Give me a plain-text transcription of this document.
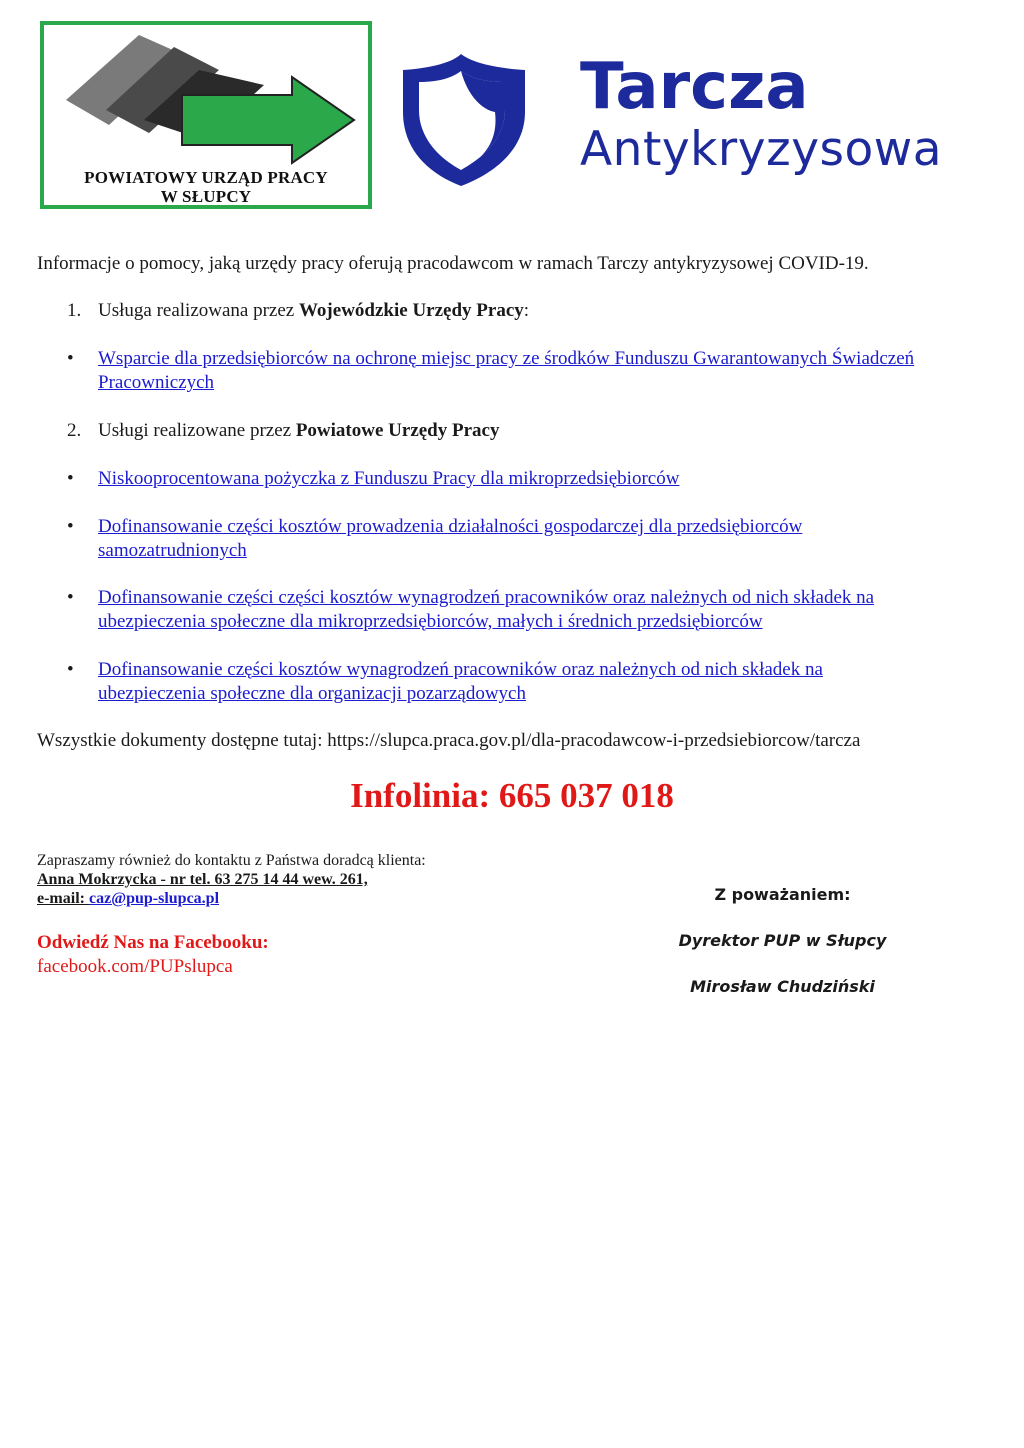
POWIATOWY URZĄD PRACY
W SŁUPCY
Tarcza
Antykryzysowa
Informacje o pomocy, jaką urzędy pracy oferują pracodawcom w ramach Tarczy antykryzysowej COVID-19.
1. Usługa realizowana przez Wojewódzkie Urzędy Pracy:
•	Wsparcie dla przedsiębiorców na ochronę miejsc pracy ze środków Funduszu Gwarantowanych Świadczeń
Pracowniczych
2. Usługi realizowane przez Powiatowe Urzędy Pracy
•	Niskooprocentowana pożyczka z Funduszu Pracy dla mikroprzedsiębiorców
•	Dofinansowanie części kosztów prowadzenia działalności gospodarczej dla przedsiębiorców
samozatrudnionych
•	Dofinansowanie części części kosztów wynagrodzeń pracowników oraz należnych od nich składek na
ubezpieczenia społeczne dla mikroprzedsiębiorców, małych i średnich przedsiębiorców
•	Dofinansowanie części kosztów wynagrodzeń pracowników oraz należnych od nich składek na
ubezpieczenia społeczne dla organizacji pozarządowych
Wszystkie dokumenty dostępne tutaj: https://slupca.praca.gov.pl/dla-pracodawcow-i-przedsiebiorcow/tarcza
Infolinia: 665 037 018
Zapraszamy również do kontaktu z Państwa doradcą klienta:
Anna Mokrzycka - nr tel. 63 275 14 44 wew. 261,
e-mail: caz@pup-slupca.pl
Odwiedź Nas na Facebooku:
facebook.com/PUPslupca
Z poważaniem:
Dyrektor PUP w Słupcy
Mirosław Chudziński
